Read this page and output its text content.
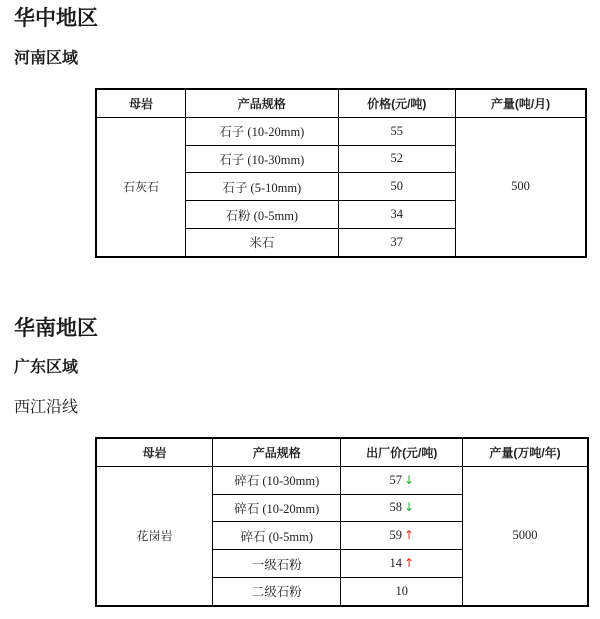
华中地区
河南区域
母岩	产品规格	价格(元/吨)	产量(吨/月)
石灰石	石子 (10-20mm)	55	500
	石子 (10-30mm)	52	
	石子 (5-10mm)	50	
	石粉 (0-5mm)	34	
	米石	37	
华南地区
广东区域
西江沿线
母岩	产品规格	出厂价(元/吨)	产量(万吨/年)
花岗岩	碎石 (10-30mm)	57 ↓	5000
	碎石 (10-20mm)	58 ↓	
	碎石 (0-5mm)	59 ↑	
	一级石粉	14 ↑	
	二级石粉	10	
